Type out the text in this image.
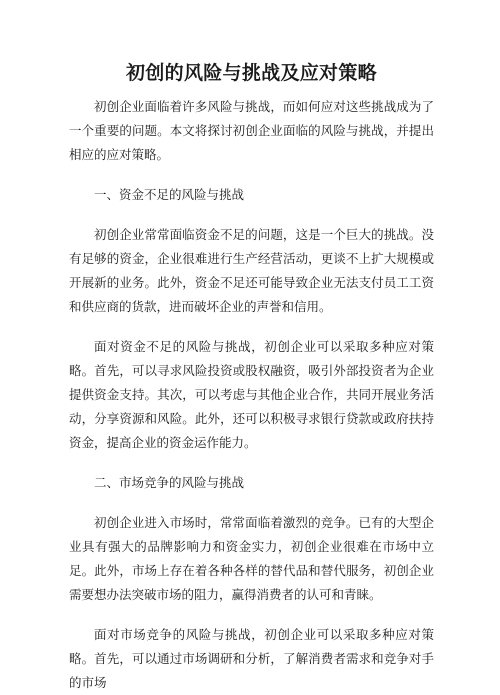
初创的风险与挑战及应对策略

初创企业面临着许多风险与挑战，而如何应对这些挑战成为了一个重要的问题。本文将探讨初创企业面临的风险与挑战，并提出相应的应对策略。

一、资金不足的风险与挑战

初创企业常常面临资金不足的问题，这是一个巨大的挑战。没有足够的资金，企业很难进行生产经营活动，更谈不上扩大规模或开展新的业务。此外，资金不足还可能导致企业无法支付员工工资和供应商的货款，进而破坏企业的声誉和信用。

面对资金不足的风险与挑战，初创企业可以采取多种应对策略。首先，可以寻求风险投资或股权融资，吸引外部投资者为企业提供资金支持。其次，可以考虑与其他企业合作，共同开展业务活动，分享资源和风险。此外，还可以积极寻求银行贷款或政府扶持资金，提高企业的资金运作能力。

二、市场竞争的风险与挑战

初创企业进入市场时，常常面临着激烈的竞争。已有的大型企业具有强大的品牌影响力和资金实力，初创企业很难在市场中立足。此外，市场上存在着各种各样的替代品和替代服务，初创企业需要想办法突破市场的阻力，赢得消费者的认可和青睐。

面对市场竞争的风险与挑战，初创企业可以采取多种应对策略。首先，可以通过市场调研和分析，了解消费者需求和竞争对手的市场
